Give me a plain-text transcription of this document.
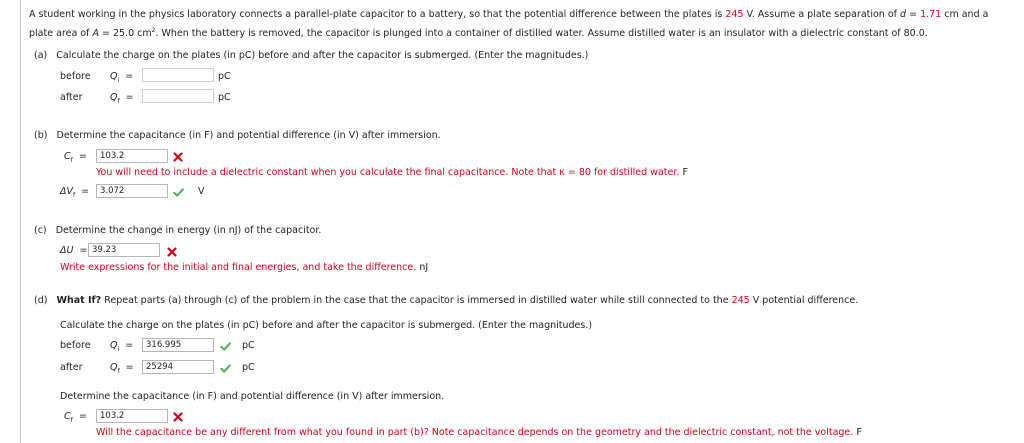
A student working in the physics laboratory connects a parallel-plate capacitor to a battery, so that the potential difference between the plates is 245 V. Assume a plate separation of d = 1.71 cm and a
plate area of A = 25.0 $cm^2$. When the battery is removed, the capacitor is plunged into a container of distilled water. Assume distilled water is an insulator with a dielectric constant of 80.0.
(a) Calculate the charge on the plates (in pC) before and after the capacitor is submerged. (Enter the magnitudes.)
before $Q_i$ =	pC
after	$Q_f$ =	pC
(b) Determine the capacitance (in F) and potential difference (in V) after immersion.
$C_f$ =
103.2
You will need to include a dielectric constant when you calculate the final capacitance. Note that κ = 80 for distilled water. F
$\Delta V_f$ =
3.072	V
(c) Determine the change in energy (in nJ) of the capacitor.
ΔU =
39.23
Write expressions for the initial and final energies, and take the difference. nJ
(d) What If? Repeat parts (a) through (c) of the problem in the case that the capacitor is immersed in distilled water while still connected to the 245 V potential difference.
Calculate the charge on the plates (in pC) before and after the capacitor is submerged. (Enter the magnitudes.)
before $Q_i$ =
316.995	pC
after	$Q_f$ =
25294	pC
Determine the capacitance (in F) and potential difference (in V) after immersion.
$C_f$ =
103.2
Will the capacitance be any different from what you found in part (b)? Note capacitance depends on the geometry and the dielectric constant, not the voltage. F
